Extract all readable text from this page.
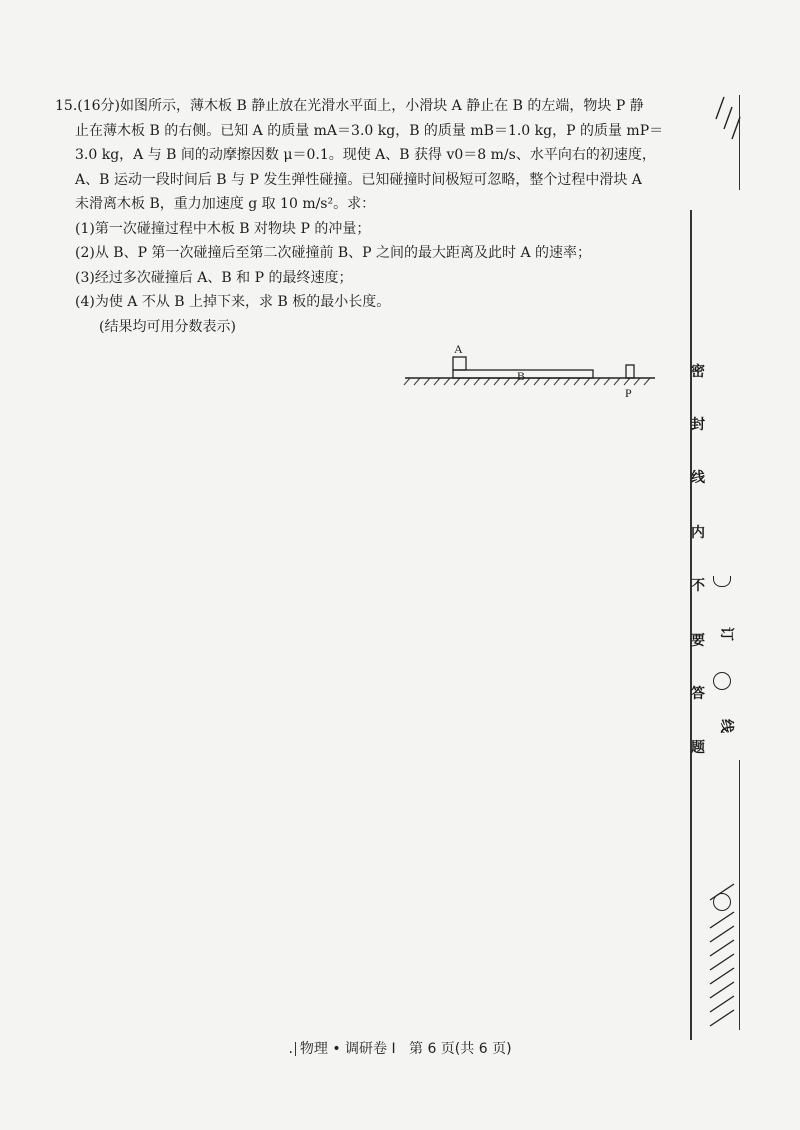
15.(16分)如图所示，薄木板 B 静止放在光滑水平面上，小滑块 A 静止在 B 的左端，物块 P 静

止在薄木板 B 的右侧。已知 A 的质量 mA＝3.0 kg，B 的质量 mB＝1.0 kg，P 的质量 mP＝

3.0 kg，A 与 B 间的动摩擦因数 μ＝0.1。现使 A、B 获得 v0＝8 m/s、水平向右的初速度，

A、B 运动一段时间后 B 与 P 发生弹性碰撞。已知碰撞时间极短可忽略，整个过程中滑块 A

未滑离木板 B，重力加速度 g 取 10 m/s²。求：

(1)第一次碰撞过程中木板 B 对物块 P 的冲量；

(2)从 B、P 第一次碰撞后至第二次碰撞前 B、P 之间的最大距离及此时 A 的速率；

(3)经过多次碰撞后 A、B 和 P 的最终速度；

(4)为使 A 不从 B 上掉下来，求 B 板的最小长度。

(结果均可用分数表示)

A
B
P
密
封
线
内
不
要
答
题
订
线
. 物理 • 调研卷 I 第 6 页(共 6 页)
